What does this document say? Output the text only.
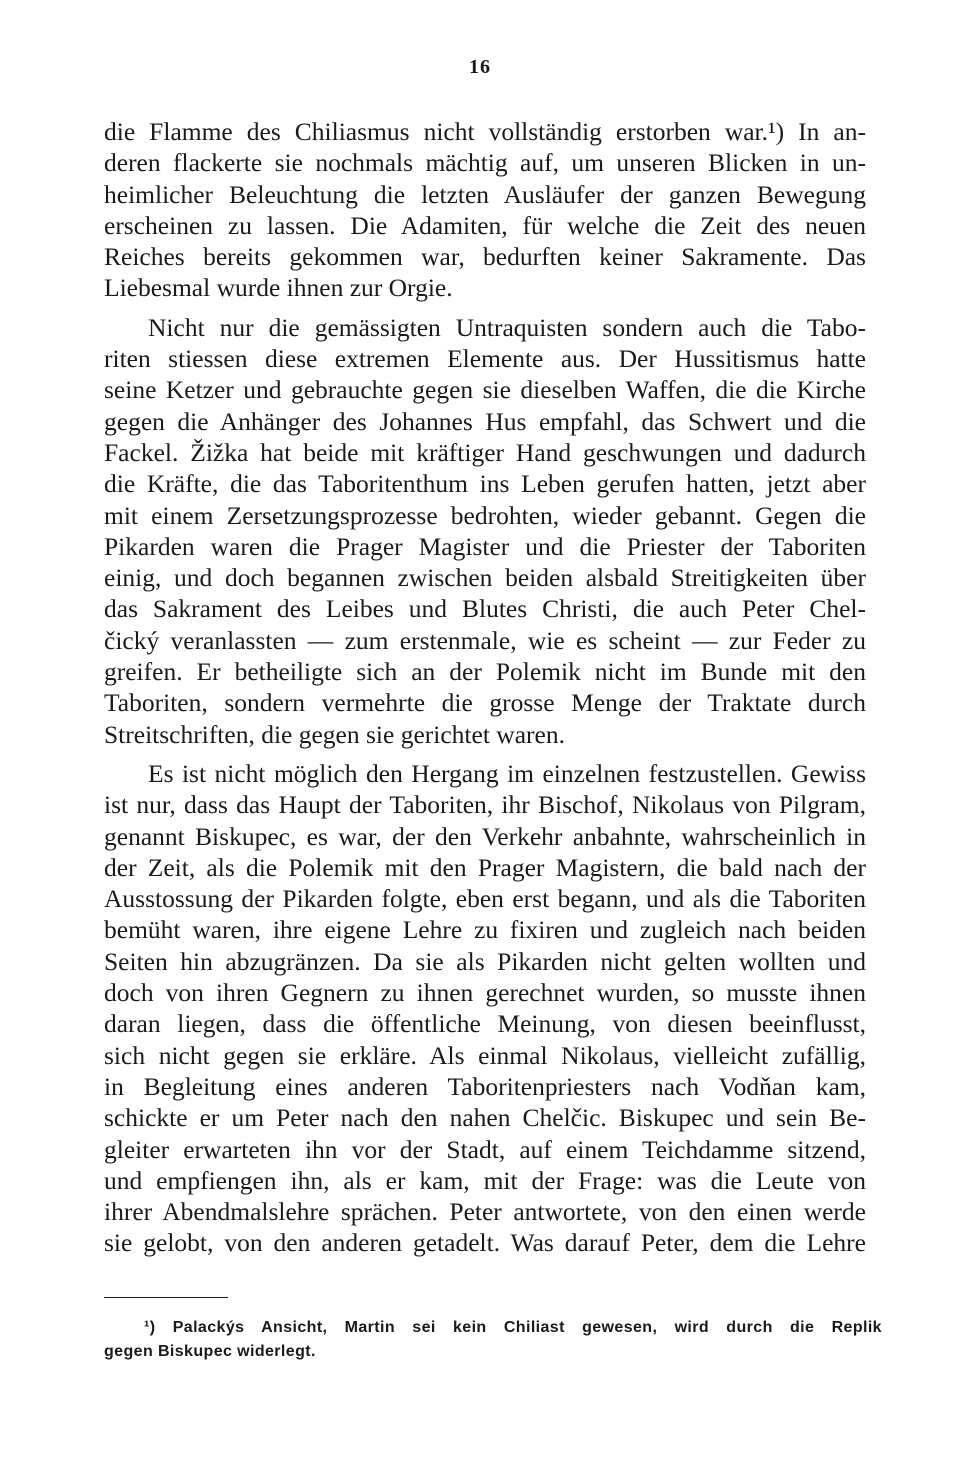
16
die Flamme des Chiliasmus nicht vollständig erstorben war.¹) In an-
deren flackerte sie nochmals mächtig auf, um unseren Blicken in un-
heimlicher Beleuchtung die letzten Ausläufer der ganzen Bewegung
erscheinen zu lassen. Die Adamiten, für welche die Zeit des neuen
Reiches bereits gekommen war, bedurften keiner Sakramente. Das
Liebesmal wurde ihnen zur Orgie.
Nicht nur die gemässigten Untraquisten sondern auch die Tabo-
riten stiessen diese extremen Elemente aus. Der Hussitismus hatte
seine Ketzer und gebrauchte gegen sie dieselben Waffen, die die Kirche
gegen die Anhänger des Johannes Hus empfahl, das Schwert und die
Fackel. Žižka hat beide mit kräftiger Hand geschwungen und dadurch
die Kräfte, die das Taboritenthum ins Leben gerufen hatten, jetzt aber
mit einem Zersetzungsprozesse bedrohten, wieder gebannt. Gegen die
Pikarden waren die Prager Magister und die Priester der Taboriten
einig, und doch begannen zwischen beiden alsbald Streitigkeiten über
das Sakrament des Leibes und Blutes Christi, die auch Peter Chel-
čický veranlassten — zum erstenmale, wie es scheint — zur Feder zu
greifen. Er betheiligte sich an der Polemik nicht im Bunde mit den
Taboriten, sondern vermehrte die grosse Menge der Traktate durch
Streitschriften, die gegen sie gerichtet waren.
Es ist nicht möglich den Hergang im einzelnen festzustellen. Gewiss
ist nur, dass das Haupt der Taboriten, ihr Bischof, Nikolaus von Pilgram,
genannt Biskupec, es war, der den Verkehr anbahnte, wahrscheinlich in
der Zeit, als die Polemik mit den Prager Magistern, die bald nach der
Ausstossung der Pikarden folgte, eben erst begann, und als die Taboriten
bemüht waren, ihre eigene Lehre zu fixiren und zugleich nach beiden
Seiten hin abzugränzen. Da sie als Pikarden nicht gelten wollten und
doch von ihren Gegnern zu ihnen gerechnet wurden, so musste ihnen
daran liegen, dass die öffentliche Meinung, von diesen beeinflusst,
sich nicht gegen sie erkläre. Als einmal Nikolaus, vielleicht zufällig,
in Begleitung eines anderen Taboritenpriesters nach Vodňan kam,
schickte er um Peter nach den nahen Chelčic. Biskupec und sein Be-
gleiter erwarteten ihn vor der Stadt, auf einem Teichdamme sitzend,
und empfiengen ihn, als er kam, mit der Frage: was die Leute von
ihrer Abendmalslehre sprächen. Peter antwortete, von den einen werde
sie gelobt, von den anderen getadelt. Was darauf Peter, dem die Lehre
¹) Palackýs Ansicht, Martin sei kein Chiliast gewesen, wird durch die Replik
gegen Biskupec widerlegt.
